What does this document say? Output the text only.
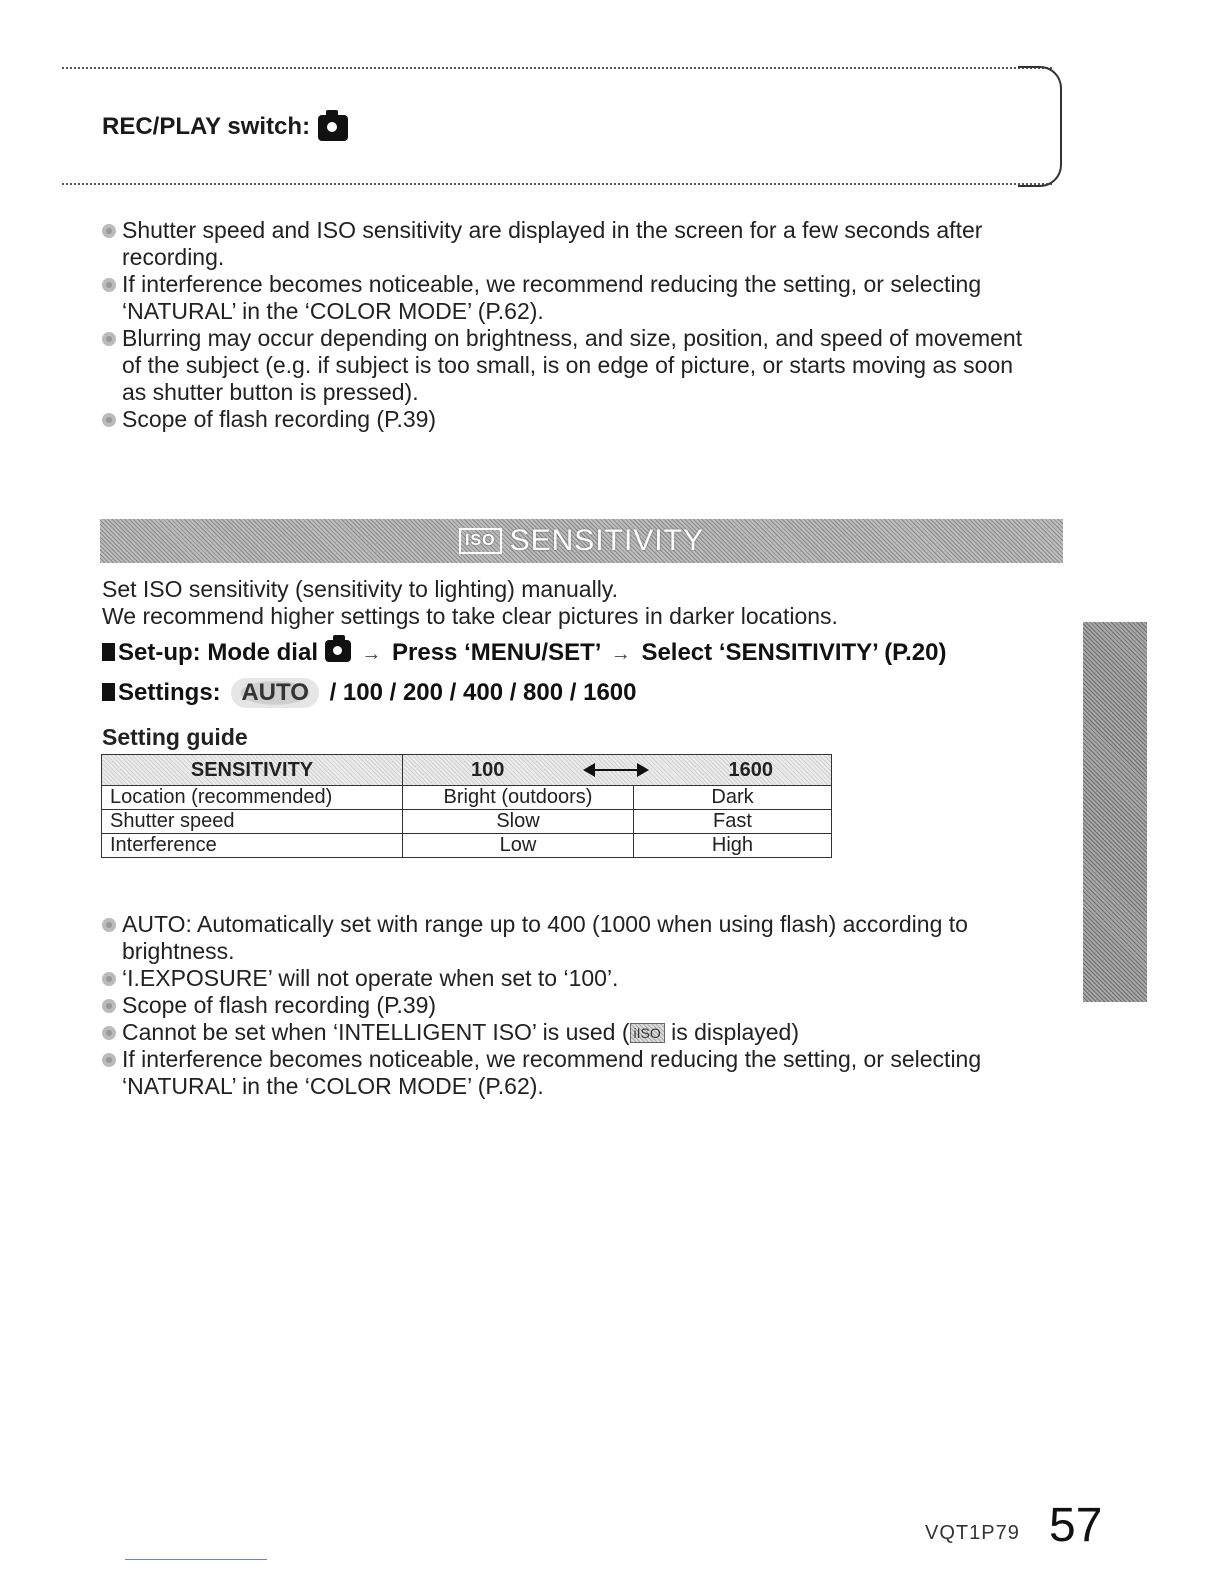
REC/PLAY switch:
Shutter speed and ISO sensitivity are displayed in the screen for a few seconds after recording.
If interference becomes noticeable, we recommend reducing the setting, or selecting ‘NATURAL’ in the ‘COLOR MODE’ (P.62).
Blurring may occur depending on brightness, and size, position, and speed of movement of the subject (e.g. if subject is too small, is on edge of picture, or starts moving as soon as shutter button is pressed).
Scope of flash recording (P.39)
ISO SENSITIVITY
Set ISO sensitivity (sensitivity to lighting) manually.
We recommend higher settings to take clear pictures in darker locations.
Set-up: Mode dial → Press ‘MENU/SET’ → Select ‘SENSITIVITY’ (P.20)
Settings: AUTO / 100 / 200 / 400 / 800 / 1600
Setting guide
SENSITIVITY	100 1600	

Location (recommended)	Bright (outdoors)	Dark
Shutter speed	Slow	Fast
Interference	Low	High
AUTO: Automatically set with range up to 400 (1000 when using flash) according to brightness.
‘I.EXPOSURE’ will not operate when set to ‘100’.
Scope of flash recording (P.39)
Cannot be set when ‘INTELLIGENT ISO’ is used ( iISO is displayed)
If interference becomes noticeable, we recommend reducing the setting, or selecting ‘NATURAL’ in the ‘COLOR MODE’ (P.62).
VQT1P79 57
